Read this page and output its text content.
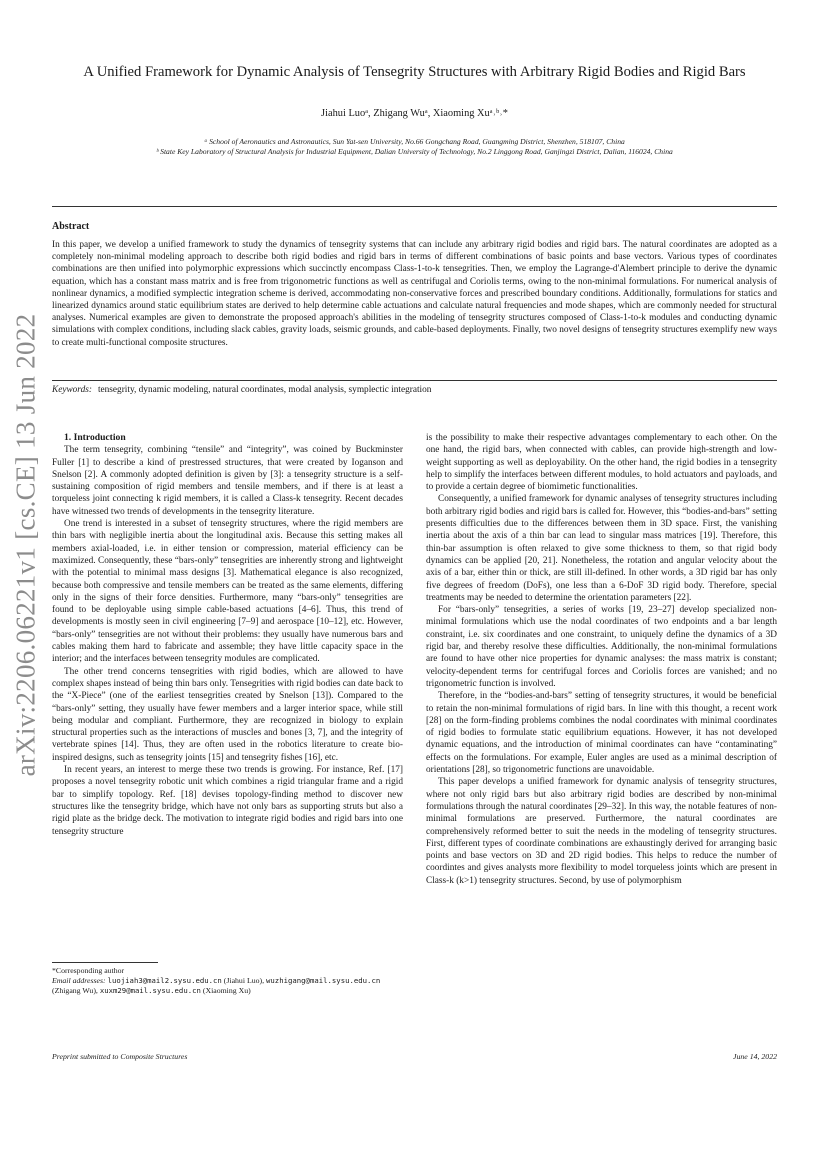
arXiv:2206.06221v1 [cs.CE] 13 Jun 2022
A Unified Framework for Dynamic Analysis of Tensegrity Structures with Arbitrary Rigid Bodies and Rigid Bars
Jiahui Luoᵃ, Zhigang Wuᵃ, Xiaoming Xuᵃ˒ᵇ˒*
ᵃ School of Aeronautics and Astronautics, Sun Yat-sen University, No.66 Gongchang Road, Guangming District, Shenzhen, 518107, China
ᵇ State Key Laboratory of Structural Analysis for Industrial Equipment, Dalian University of Technology, No.2 Linggong Road, Ganjingzi District, Dalian, 116024, China
Abstract
In this paper, we develop a unified framework to study the dynamics of tensegrity systems that can include any arbitrary rigid bodies and rigid bars. The natural coordinates are adopted as a completely non-minimal modeling approach to describe both rigid bodies and rigid bars in terms of different combinations of basic points and base vectors. Various types of coordinates combinations are then unified into polymorphic expressions which succinctly encompass Class-1-to-k tensegrities. Then, we employ the Lagrange-d'Alembert principle to derive the dynamic equation, which has a constant mass matrix and is free from trigonometric functions as well as centrifugal and Coriolis terms, owing to the non-minimal formulations. For numerical analysis of nonlinear dynamics, a modified symplectic integration scheme is derived, accommodating non-conservative forces and prescribed boundary conditions. Additionally, formulations for statics and linearized dynamics around static equilibrium states are derived to help determine cable actuations and calculate natural frequencies and mode shapes, which are commonly needed for structural analyses. Numerical examples are given to demonstrate the proposed approach's abilities in the modeling of tensegrity structures composed of Class-1-to-k modules and conducting dynamic simulations with complex conditions, including slack cables, gravity loads, seismic grounds, and cable-based deployments. Finally, two novel designs of tensegrity structures exemplify new ways to create multi-functional composite structures.
Keywords: tensegrity, dynamic modeling, natural coordinates, modal analysis, symplectic integration

1. Introduction

The term tensegrity, combining “tensile” and “integrity”, was coined by Buckminster Fuller [1] to describe a kind of prestressed structures, that were created by Ioganson and Snelson [2]. A commonly adopted definition is given by [3]: a tensegrity structure is a self-sustaining composition of rigid members and tensile members, and if there is at least a torqueless joint connecting k rigid members, it is called a Class-k tensegrity. Recent decades have witnessed two trends of developments in the tensegrity literature.

One trend is interested in a subset of tensegrity structures, where the rigid members are thin bars with negligible inertia about the longitudinal axis. Because this setting makes all members axial-loaded, i.e. in either tension or compression, material efficiency can be maximized. Consequently, these “bars-only” tensegrities are inherently strong and lightweight with the potential to minimal mass designs [3]. Mathematical elegance is also recognized, because both compressive and tensile members can be treated as the same elements, differing only in the signs of their force densities. Furthermore, many “bars-only” tensegrities are found to be deployable using simple cable-based actuations [4–6]. Thus, this trend of developments is mostly seen in civil engineering [7–9] and aerospace [10–12], etc. However, “bars-only” tensegrities are not without their problems: they usually have numerous bars and cables making them hard to fabricate and assemble; they have little capacity space in the interior; and the interfaces between tensegrity modules are complicated.

The other trend concerns tensegrities with rigid bodies, which are allowed to have complex shapes instead of being thin bars only. Tensegrities with rigid bodies can date back to the “X-Piece” (one of the earliest tensegrities created by Snelson [13]). Compared to the “bars-only” setting, they usually have fewer members and a larger interior space, while still being modular and compliant. Furthermore, they are recognized in biology to explain structural properties such as the interactions of muscles and bones [3, 7], and the integrity of vertebrate spines [14]. Thus, they are often used in the robotics literature to create bio-inspired designs, such as tensegrity joints [15] and tensegrity fishes [16], etc.

In recent years, an interest to merge these two trends is growing. For instance, Ref. [17] proposes a novel tensegrity robotic unit which combines a rigid triangular frame and a rigid bar to simplify topology. Ref. [18] devises topology-finding method to discover new structures like the tensegrity bridge, which have not only bars as supporting struts but also a rigid plate as the bridge deck. The motivation to integrate rigid bodies and rigid bars into one tensegrity structure

is the possibility to make their respective advantages complementary to each other. On the one hand, the rigid bars, when connected with cables, can provide high-strength and low-weight supporting as well as deployability. On the other hand, the rigid bodies in a tensegrity help to simplify the interfaces between different modules, to hold actuators and payloads, and to provide a certain degree of biomimetic functionalities.

Consequently, a unified framework for dynamic analyses of tensegrity structures including both arbitrary rigid bodies and rigid bars is called for. However, this “bodies-and-bars” setting presents difficulties due to the differences between them in 3D space. First, the vanishing inertia about the axis of a thin bar can lead to singular mass matrices [19]. Therefore, this thin-bar assumption is often relaxed to give some thickness to them, so that rigid body dynamics can be applied [20, 21]. Nonetheless, the rotation and angular velocity about the axis of a bar, either thin or thick, are still ill-defined. In other words, a 3D rigid bar has only five degrees of freedom (DoFs), one less than a 6-DoF 3D rigid body. Therefore, special treatments may be needed to determine the orientation parameters [22].

For “bars-only” tensegrities, a series of works [19, 23–27] develop specialized non-minimal formulations which use the nodal coordinates of two endpoints and a bar length constraint, i.e. six coordinates and one constraint, to uniquely define the dynamics of a 3D rigid bar, and thereby resolve these difficulties. Additionally, the non-minimal formulations are found to have other nice properties for dynamic analyses: the mass matrix is constant; velocity-dependent terms for centrifugal forces and Coriolis forces are vanished; and no trigonometric function is involved.

Therefore, in the “bodies-and-bars” setting of tensegrity structures, it would be beneficial to retain the non-minimal formulations of rigid bars. In line with this thought, a recent work [28] on the form-finding problems combines the nodal coordinates with minimal coordinates of rigid bodies to formulate static equilibrium equations. However, it has not developed dynamic equations, and the introduction of minimal coordinates can have “contaminating” effects on the formulations. For example, Euler angles are used as a minimal description of orientations [28], so trigonometric functions are unavoidable.

This paper develops a unified framework for dynamic analysis of tensegrity structures, where not only rigid bars but also arbitrary rigid bodies are described by non-minimal formulations through the natural coordinates [29–32]. In this way, the notable features of non-minimal formulations are preserved. Furthermore, the natural coordinates are comprehensively reformed better to suit the needs in the modeling of tensegrity structures. First, different types of coordinate combinations are exhaustingly derived for arranging basic points and base vectors on 3D and 2D rigid bodies. This helps to reduce the number of coordintes and gives analysts more flexibility to model torqueless joints which are present in Class-k (k>1) tensegrity structures. Second, by use of polymorphism

*Corresponding author
Email addresses: luojiah3@mail2.sysu.edu.cn (Jiahui Luo), wuzhigang@mail.sysu.edu.cn (Zhigang Wu), xuxm29@mail.sysu.edu.cn (Xiaoming Xu)
Preprint submitted to Composite Structures	June 14, 2022
